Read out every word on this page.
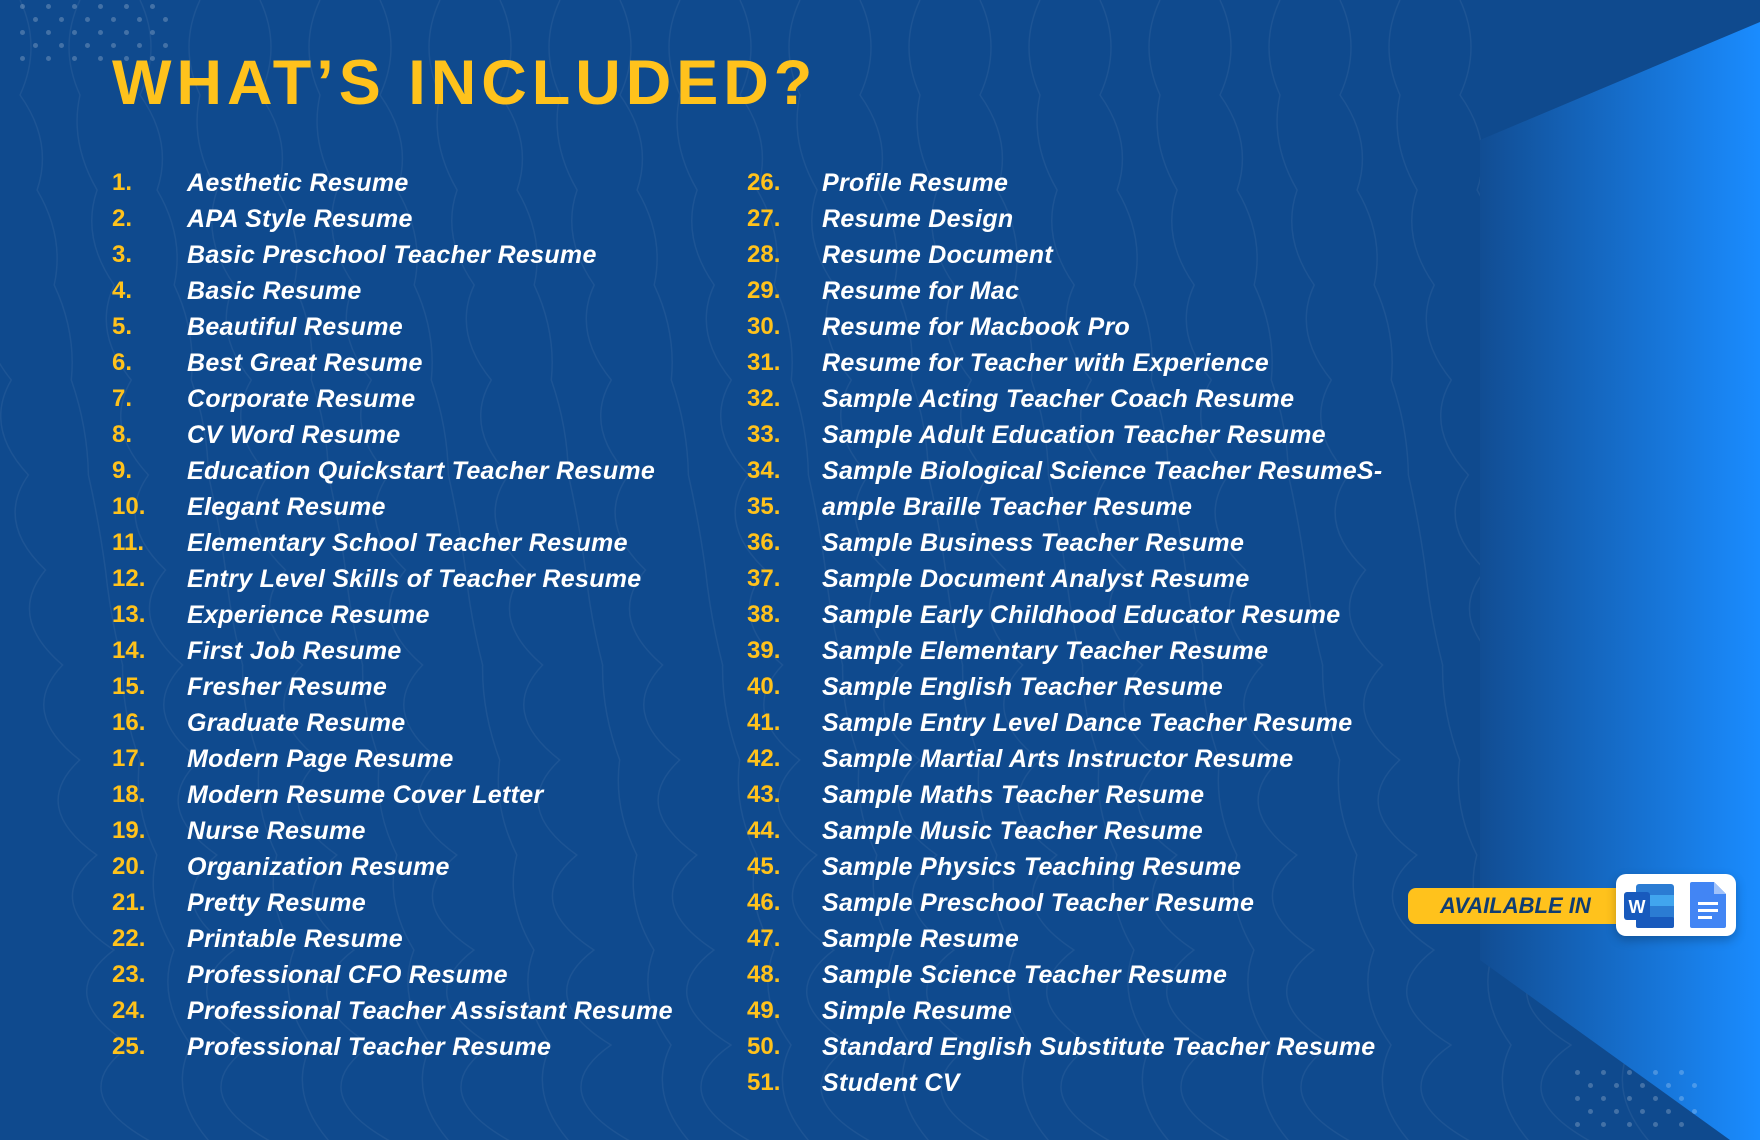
WHAT’S INCLUDED?
1.	Aesthetic Resume
2.	APA Style Resume
3.	Basic Preschool Teacher Resume
4.	Basic Resume
5.	Beautiful Resume
6.	Best Great Resume
7.	Corporate Resume
8.	CV Word Resume
9.	Education Quickstart Teacher Resume
10.	Elegant Resume
11.	Elementary School Teacher Resume
12.	Entry Level Skills of Teacher Resume
13.	Experience Resume
14.	First Job Resume
15.	Fresher Resume
16.	Graduate Resume
17.	Modern Page Resume
18.	Modern Resume Cover Letter
19.	Nurse Resume
20.	Organization Resume
21.	Pretty Resume
22.	Printable Resume
23.	Professional CFO Resume
24.	Professional Teacher Assistant Resume
25.	Professional Teacher Resume
26.	Profile Resume
27.	Resume Design
28.	Resume Document
29.	Resume for Mac
30.	Resume for Macbook Pro
31.	Resume for Teacher with Experience
32.	Sample Acting Teacher Coach Resume
33.	Sample Adult Education Teacher Resume
34.	Sample Biological Science Teacher ResumeS-
35.	ample Braille Teacher Resume
36.	Sample Business Teacher Resume
37.	Sample Document Analyst Resume
38.	Sample Early Childhood Educator Resume
39.	Sample Elementary Teacher Resume
40.	Sample English Teacher Resume
41.	Sample Entry Level Dance Teacher Resume
42.	Sample Martial Arts Instructor Resume
43.	Sample Maths Teacher Resume
44.	Sample Music Teacher Resume
45.	Sample Physics Teaching Resume
46.	Sample Preschool Teacher Resume
47.	Sample Resume
48.	Sample Science Teacher Resume
49.	Simple Resume
50.	Standard English Substitute Teacher Resume
51.	Student CV
AVAILABLE IN	W
